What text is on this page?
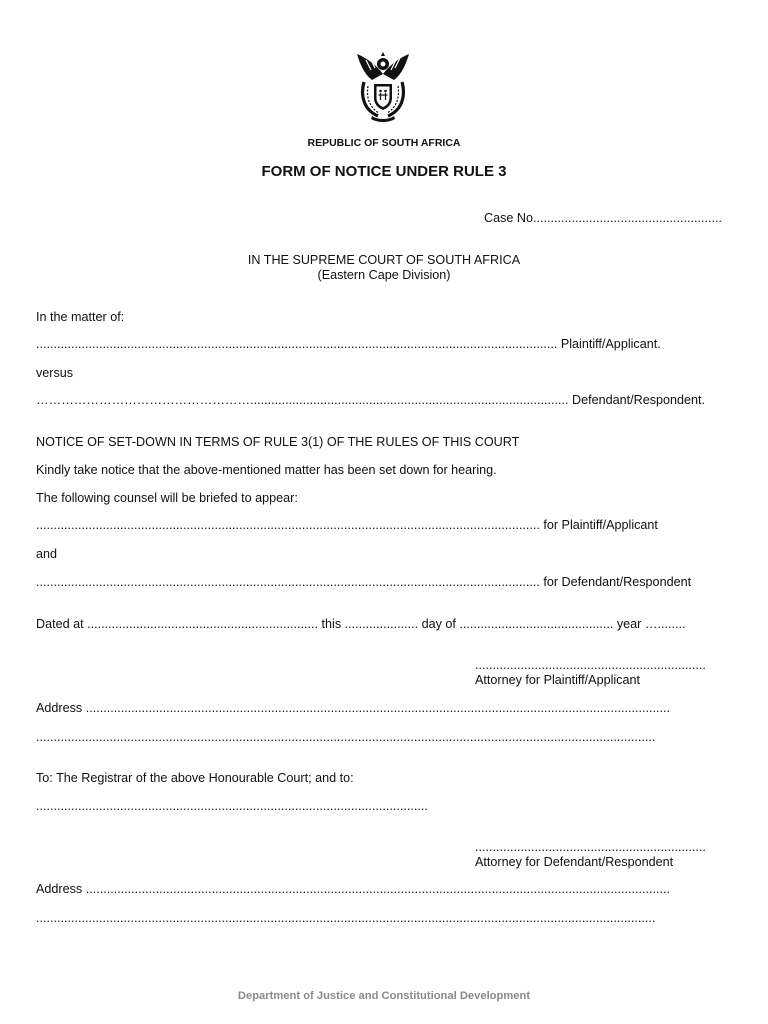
REPUBLIC OF SOUTH AFRICA
FORM OF NOTICE UNDER RULE 3
Case No......................................................
IN THE SUPREME COURT OF SOUTH AFRICA
(Eastern Cape Division)
In the matter of:
..................................................................................................................................................... Plaintiff/Applicant.
versus
……………………………………………........................................................................................... Defendant/Respondent.
NOTICE OF SET-DOWN IN TERMS OF RULE 3(1) OF THE RULES OF THIS COURT
Kindly take notice that the above-mentioned matter has been set down for hearing.
The following counsel will be briefed to appear:
................................................................................................................................................ for Plaintiff/Applicant
and
................................................................................................................................................ for Defendant/Respondent
Dated at .................................................................. this ..................... day of ............................................ year …........
..................................................................
Attorney for Plaintiff/Applicant
Address .......................................................................................................................................................................
.................................................................................................................................................................................
To: The Registrar of the above Honourable Court; and to:
................................................................................................................
..................................................................
Attorney for Defendant/Respondent
Address .......................................................................................................................................................................
.................................................................................................................................................................................
Department of Justice and Constitutional Development
